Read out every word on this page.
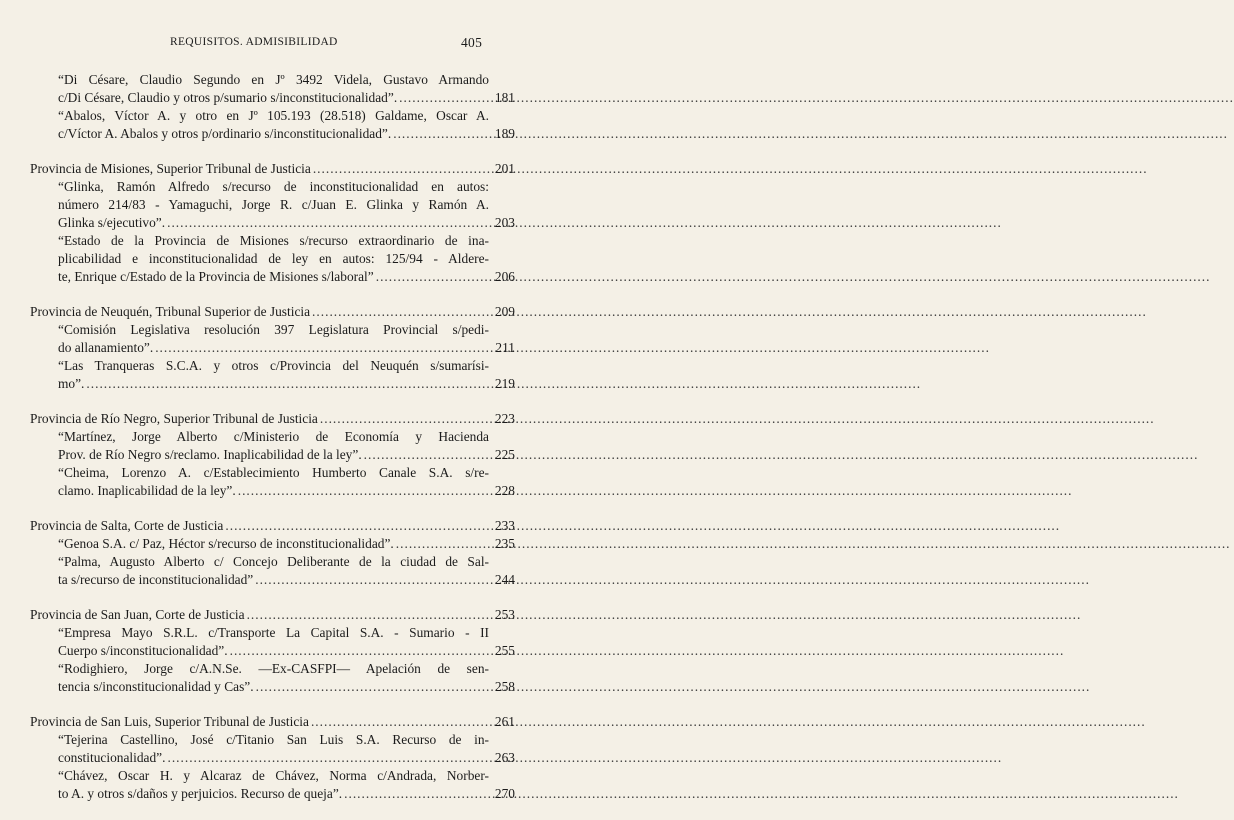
REQUISITOS. ADMISIBILIDAD	405
“Di Césare, Claudio Segundo en Jº 3492 Videla, Gustavo Armando
c/Di Césare, Claudio y otros p/sumario s/inconstitucionalidad”. .....	181
“Abalos, Víctor A. y otro en Jº 105.193 (28.518) Galdame, Oscar A.
c/Víctor A. Abalos y otros p/ordinario s/inconstitucionalidad”. .....	189
Provincia de Misiones, Superior Tribunal de Justicia .....	201
“Glinka, Ramón Alfredo s/recurso de inconstitucionalidad en autos:
número 214/83 - Yamaguchi, Jorge R. c/Juan E. Glinka y Ramón A.
Glinka s/ejecutivo”. .....	203
“Estado de la Provincia de Misiones s/recurso extraordinario de ina-
plicabilidad e inconstitucionalidad de ley en autos: 125/94 - Aldere-
te, Enrique c/Estado de la Provincia de Misiones s/laboral” .....	206
Provincia de Neuquén, Tribunal Superior de Justicia .....	209
“Comisión Legislativa resolución 397 Legislatura Provincial s/pedi-
do allanamiento”. .....	211
“Las Tranqueras S.C.A. y otros c/Provincia del Neuquén s/sumarísi-
mo”. .....	219
Provincia de Río Negro, Superior Tribunal de Justicia .....	223
“Martínez, Jorge Alberto c/Ministerio de Economía y Hacienda
Prov. de Río Negro s/reclamo. Inaplicabilidad de la ley”. .....	225
“Cheima, Lorenzo A. c/Establecimiento Humberto Canale S.A. s/re-
clamo. Inaplicabilidad de la ley”. .....	228
Provincia de Salta, Corte de Justicia .....	233
“Genoa S.A. c/ Paz, Héctor s/recurso de inconstitucionalidad”. .....	235
“Palma, Augusto Alberto c/ Concejo Deliberante de la ciudad de Sal-
ta s/recurso de inconstitucionalidad” .....	244
Provincia de San Juan, Corte de Justicia .....	253
“Empresa Mayo S.R.L. c/Transporte La Capital S.A. - Sumario - II
Cuerpo s/inconstitucionalidad”. .....	255
“Rodighiero, Jorge c/A.N.Se. —Ex-CASFPI— Apelación de sen-
tencia s/inconstitucionalidad y Cas”. .....	258
Provincia de San Luis, Superior Tribunal de Justicia .....	261
“Tejerina Castellino, José c/Titanio San Luis S.A. Recurso de in-
constitucionalidad”. .....	263
“Chávez, Oscar H. y Alcaraz de Chávez, Norma c/Andrada, Norber-
to A. y otros s/daños y perjuicios. Recurso de queja”. .....	270
